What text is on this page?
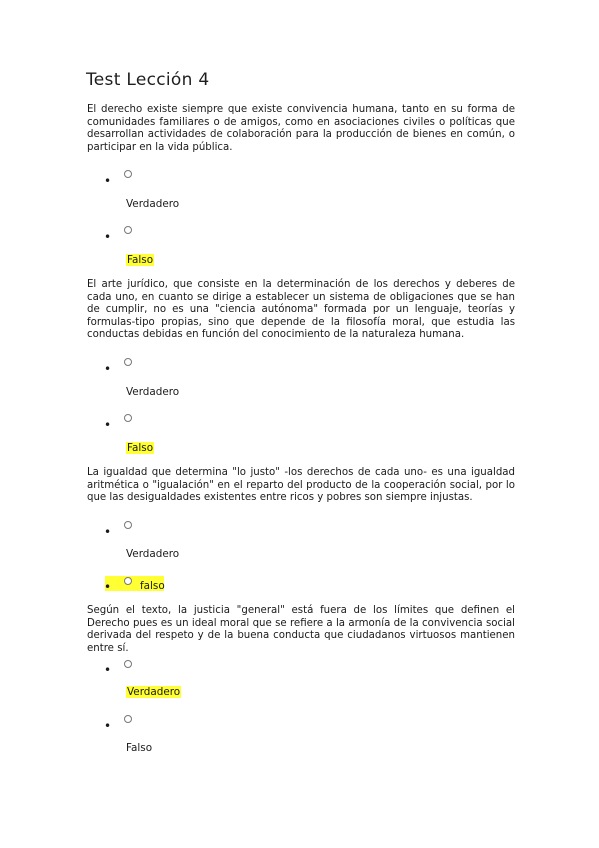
Test Lección 4
El derecho existe siempre que existe convivencia humana, tanto en su forma de comunidades familiares o de amigos, como en asociaciones civiles o políticas que desarrollan actividades de colaboración para la producción de bienes en común, o participar en la vida pública.
•
Verdadero
•
Falso
El arte jurídico, que consiste en la determinación de los derechos y deberes de cada uno, en cuanto se dirige a establecer un sistema de obligaciones que se han de cumplir, no es una "ciencia autónoma" formada por un lenguaje, teorías y formulas-tipo propias, sino que depende de la filosofía moral, que estudia las conductas debidas en función del conocimiento de la naturaleza humana.
•
Verdadero
•
Falso
La igualdad que determina "lo justo" -los derechos de cada uno- es una igualdad aritmética o "igualación" en el reparto del producto de la cooperación social, por lo que las desigualdades existentes entre ricos y pobres son siempre injustas.
•
Verdadero
•	falso
Según el texto, la justicia "general" está fuera de los límites que definen el Derecho pues es un ideal moral que se refiere a la armonía de la convivencia social derivada del respeto y de la buena conducta que ciudadanos virtuosos mantienen entre sí.
•
Verdadero
•
Falso
